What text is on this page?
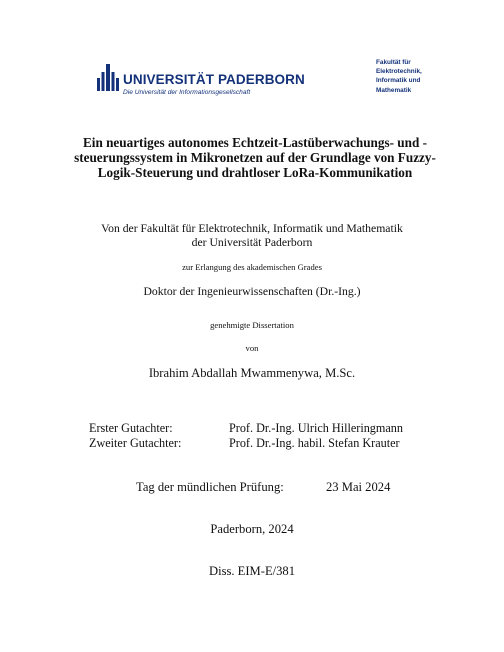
UNIVERSITÄT PADERBORN
Die Universität der Informationsgesellschaft
Fakultät für
Elektrotechnik,
Informatik und
Mathematik
Ein neuartiges autonomes Echtzeit-Lastüberwachungs- und -
steuerungssystem in Mikronetzen auf der Grundlage von Fuzzy-
Logik-Steuerung und drahtloser LoRa-Kommunikation
Von der Fakultät für Elektrotechnik, Informatik und Mathematik
der Universität Paderborn
zur Erlangung des akademischen Grades
Doktor der Ingenieurwissenschaften (Dr.-Ing.)
genehmigte Dissertation
von
Ibrahim Abdallah Mwammenywa, M.Sc.
Erster Gutachter:	Prof. Dr.-Ing. Ulrich Hilleringmann
Zweiter Gutachter:	Prof. Dr.-Ing. habil. Stefan Krauter
Tag der mündlichen Prüfung:	23 Mai 2024
Paderborn, 2024
Diss. EIM-E/381
